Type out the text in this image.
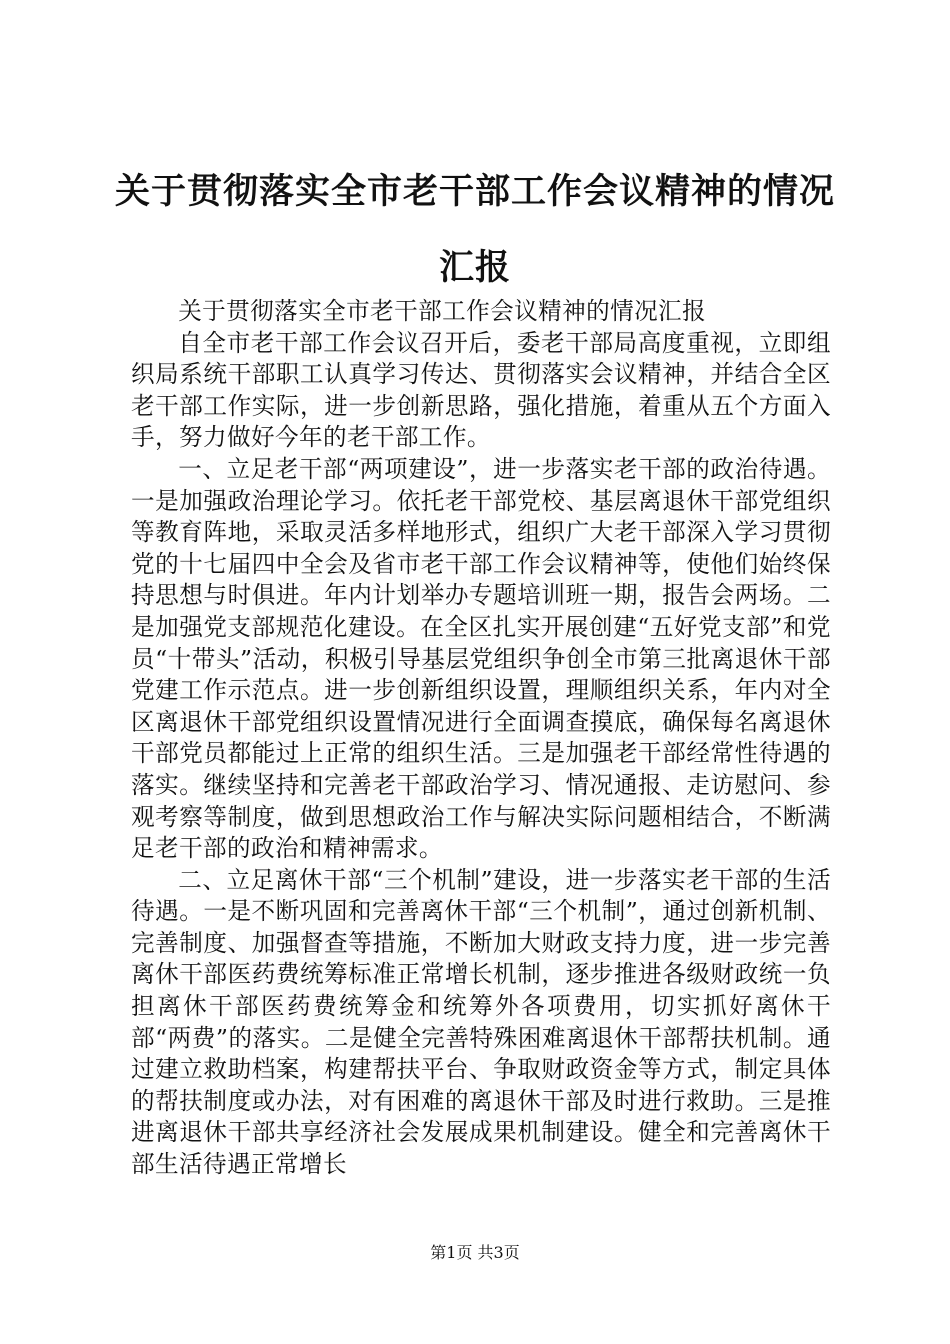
关于贯彻落实全市老干部工作会议精神的情况汇报

关于贯彻落实全市老干部工作会议精神的情况汇报

自全市老干部工作会议召开后，委老干部局高度重视，立即组织局系统干部职工认真学习传达、贯彻落实会议精神，并结合全区老干部工作实际，进一步创新思路，强化措施，着重从五个方面入手，努力做好今年的老干部工作。

一、立足老干部“两项建设”，进一步落实老干部的政治待遇。一是加强政治理论学习。依托老干部党校、基层离退休干部党组织等教育阵地，采取灵活多样地形式，组织广大老干部深入学习贯彻党的十七届四中全会及省市老干部工作会议精神等，使他们始终保持思想与时俱进。年内计划举办专题培训班一期，报告会两场。二是加强党支部规范化建设。在全区扎实开展创建“五好党支部”和党员“十带头”活动，积极引导基层党组织争创全市第三批离退休干部党建工作示范点。进一步创新组织设置，理顺组织关系，年内对全区离退休干部党组织设置情况进行全面调查摸底，确保每名离退休干部党员都能过上正常的组织生活。三是加强老干部经常性待遇的落实。继续坚持和完善老干部政治学习、情况通报、走访慰问、参观考察等制度，做到思想政治工作与解决实际问题相结合，不断满足老干部的政治和精神需求。

二、立足离休干部“三个机制”建设，进一步落实老干部的生活待遇。一是不断巩固和完善离休干部“三个机制”，通过创新机制、完善制度、加强督查等措施，不断加大财政支持力度，进一步完善离休干部医药费统筹标准正常增长机制，逐步推进各级财政统一负担离休干部医药费统筹金和统筹外各项费用，切实抓好离休干部“两费”的落实。二是健全完善特殊困难离退休干部帮扶机制。通过建立救助档案，构建帮扶平台、争取财政资金等方式，制定具体的帮扶制度或办法，对有困难的离退休干部及时进行救助。三是推进离退休干部共享经济社会发展成果机制建设。健全和完善离休干部生活待遇正常增长

第1页 共3页
